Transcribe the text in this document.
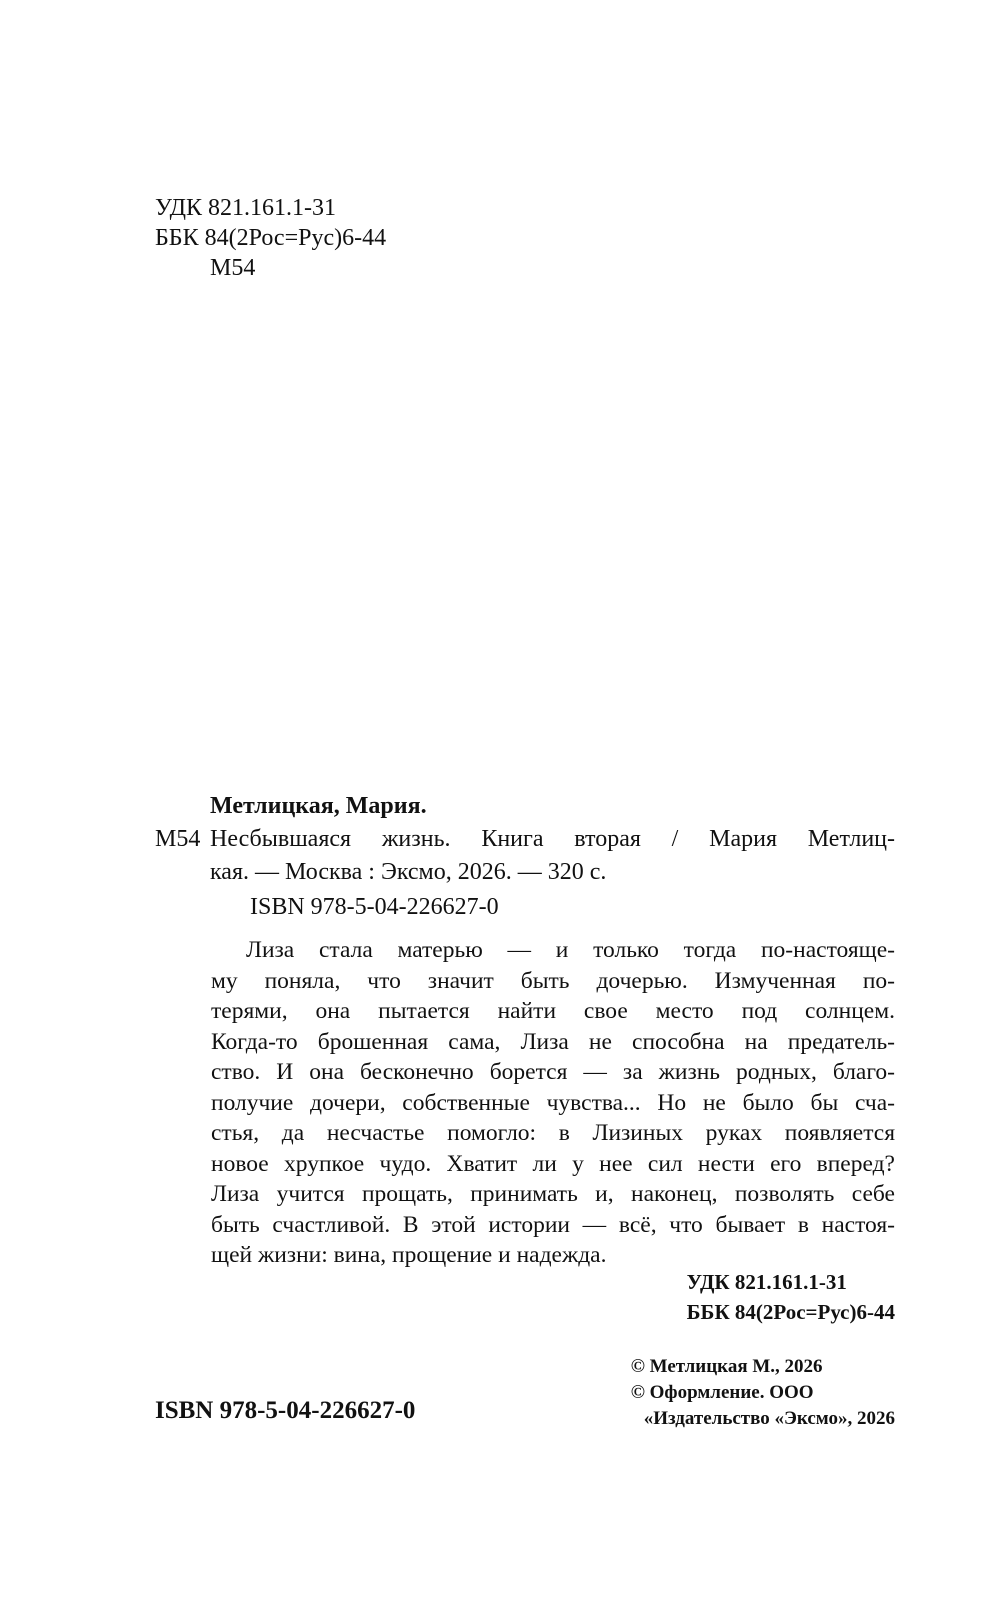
УДК 821.161.1-31
ББК 84(2Рос=Рус)6-44
М54
Метлицкая, Мария.
М54 Несбывшаяся жизнь. Книга вторая / Мария Метлиц-
кая. — Москва : Эксмо, 2026. — 320 с.
ISBN 978-5-04-226627-0
Лиза стала матерью — и только тогда по-настояще-
му поняла, что значит быть дочерью. Измученная по-
терями, она пытается найти свое место под солнцем.
Когда-то брошенная сама, Лиза не способна на предатель-
ство. И она бесконечно борется — за жизнь родных, благо-
получие дочери, собственные чувства... Но не было бы сча-
стья, да несчастье помогло: в Лизиных руках появляется
новое хрупкое чудо. Хватит ли у нее сил нести его вперед?
Лиза учится прощать, принимать и, наконец, позволять себе
быть счастливой. В этой истории — всё, что бывает в настоя-
щей жизни: вина, прощение и надежда.
УДК 821.161.1-31
ББК 84(2Рос=Рус)6-44
© Метлицкая М., 2026
© Оформление. ООО
«Издательство «Эксмо», 2026
ISBN 978-5-04-226627-0
